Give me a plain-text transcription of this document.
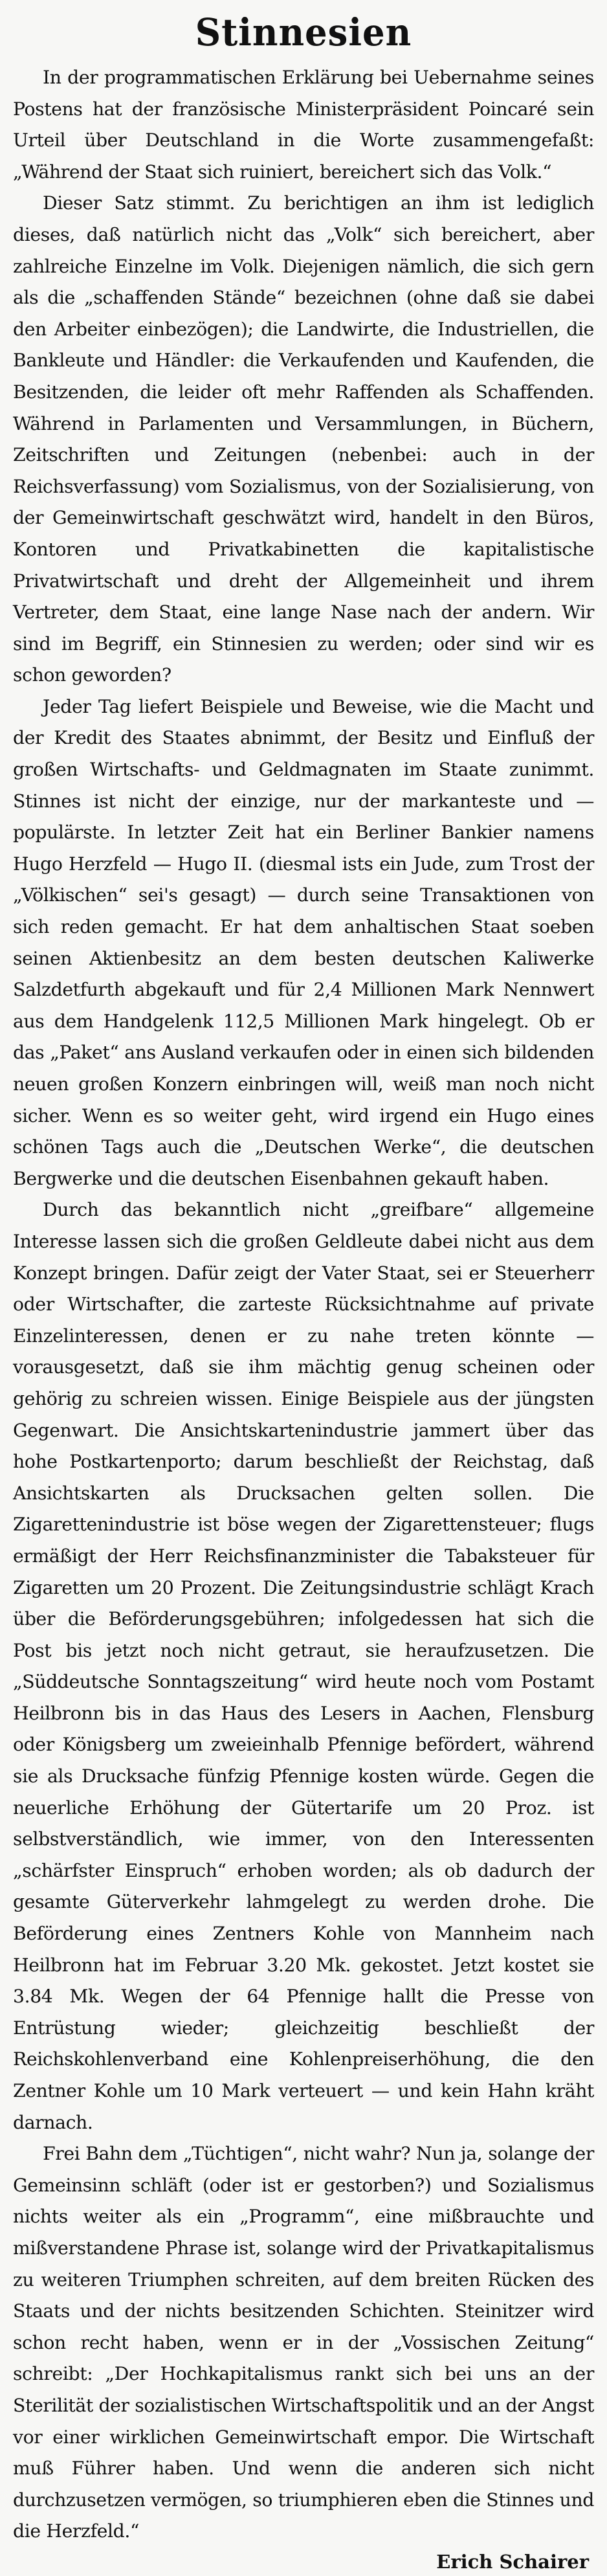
Stinnesien

In der programmatischen Erklärung bei Uebernahme seines Postens hat der französische Ministerpräsident Poincaré sein Urteil über Deutschland in die Worte zusammengefaßt: „Während der Staat sich ruiniert, bereichert sich das Volk.“

Dieser Satz stimmt. Zu berichtigen an ihm ist lediglich dieses, daß natürlich nicht das „Volk“ sich bereichert, aber zahlreiche Einzelne im Volk. Diejenigen nämlich, die sich gern als die „schaffenden Stände“ bezeichnen (ohne daß sie dabei den Arbeiter einbezögen); die Landwirte, die Industriellen, die Bankleute und Händler: die Verkaufenden und Kaufenden, die Besitzenden, die leider oft mehr Raffenden als Schaffenden. Während in Parlamenten und Versammlungen, in Büchern, Zeitschriften und Zeitungen (nebenbei: auch in der Reichsverfassung) vom Sozialismus, von der Sozialisierung, von der Gemeinwirtschaft geschwätzt wird, handelt in den Büros, Kontoren und Privatkabinetten die kapitalistische Privatwirtschaft und dreht der Allgemeinheit und ihrem Vertreter, dem Staat, eine lange Nase nach der andern. Wir sind im Begriff, ein Stinnesien zu werden; oder sind wir es schon geworden?

Jeder Tag liefert Beispiele und Beweise, wie die Macht und der Kredit des Staates abnimmt, der Besitz und Einfluß der großen Wirtschafts- und Geldmagnaten im Staate zunimmt. Stinnes ist nicht der einzige, nur der markanteste und — populärste. In letzter Zeit hat ein Berliner Bankier namens Hugo Herzfeld — Hugo II. (diesmal ists ein Jude, zum Trost der „Völkischen“ sei's gesagt) — durch seine Transaktionen von sich reden gemacht. Er hat dem anhaltischen Staat soeben seinen Aktienbesitz an dem besten deutschen Kaliwerke Salzdetfurth abgekauft und für 2,4 Millionen Mark Nennwert aus dem Handgelenk 112,5 Millionen Mark hingelegt. Ob er das „Paket“ ans Ausland verkaufen oder in einen sich bildenden neuen großen Konzern einbringen will, weiß man noch nicht sicher. Wenn es so weiter geht, wird irgend ein Hugo eines schönen Tags auch die „Deutschen Werke“, die deutschen Bergwerke und die deutschen Eisenbahnen gekauft haben.

Durch das bekanntlich nicht „greifbare“ allgemeine Interesse lassen sich die großen Geldleute dabei nicht aus dem Konzept bringen. Dafür zeigt der Vater Staat, sei er Steuerherr oder Wirtschafter, die zarteste Rücksichtnahme auf private Einzelinteressen, denen er zu nahe treten könnte — vorausgesetzt, daß sie ihm mächtig genug scheinen oder gehörig zu schreien wissen. Einige Beispiele aus der jüngsten Gegenwart. Die Ansichtskartenindustrie jammert über das hohe Postkartenporto; darum beschließt der Reichstag, daß Ansichtskarten als Drucksachen gelten sollen. Die Zigarettenindustrie ist böse wegen der Zigarettensteuer; flugs ermäßigt der Herr Reichsfinanzminister die Tabaksteuer für Zigaretten um 20 Prozent. Die Zeitungsindustrie schlägt Krach über die Beförderungsgebühren; infolgedessen hat sich die Post bis jetzt noch nicht getraut, sie heraufzusetzen. Die „Süddeutsche Sonntagszeitung“ wird heute noch vom Postamt Heilbronn bis in das Haus des Lesers in Aachen, Flensburg oder Königsberg um zweieinhalb Pfennige befördert, während sie als Drucksache fünfzig Pfennige kosten würde. Gegen die neuerliche Erhöhung der Gütertarife um 20 Proz. ist selbstverständlich, wie immer, von den Interessenten „schärfster Einspruch“ erhoben worden; als ob dadurch der gesamte Güterverkehr lahmgelegt zu werden drohe. Die Beförderung eines Zentners Kohle von Mannheim nach Heilbronn hat im Februar 3.20 Mk. gekostet. Jetzt kostet sie 3.84 Mk. Wegen der 64 Pfennige hallt die Presse von Entrüstung wieder; gleichzeitig beschließt der Reichskohlenverband eine Kohlenpreiserhöhung, die den Zentner Kohle um 10 Mark verteuert — und kein Hahn kräht darnach.

Frei Bahn dem „Tüchtigen“, nicht wahr? Nun ja, solange der Gemeinsinn schläft (oder ist er gestorben?) und Sozialismus nichts weiter als ein „Programm“, eine mißbrauchte und mißverstandene Phrase ist, solange wird der Privatkapitalismus zu weiteren Triumphen schreiten, auf dem breiten Rücken des Staats und der nichts besitzenden Schichten. Steinitzer wird schon recht haben, wenn er in der „Vossischen Zeitung“ schreibt: „Der Hochkapitalismus rankt sich bei uns an der Sterilität der sozialistischen Wirtschaftspolitik und an der Angst vor einer wirklichen Gemeinwirtschaft empor. Die Wirtschaft muß Führer haben. Und wenn die anderen sich nicht durchzusetzen vermögen, so triumphieren eben die Stinnes und die Herzfeld.“

Erich Schairer
